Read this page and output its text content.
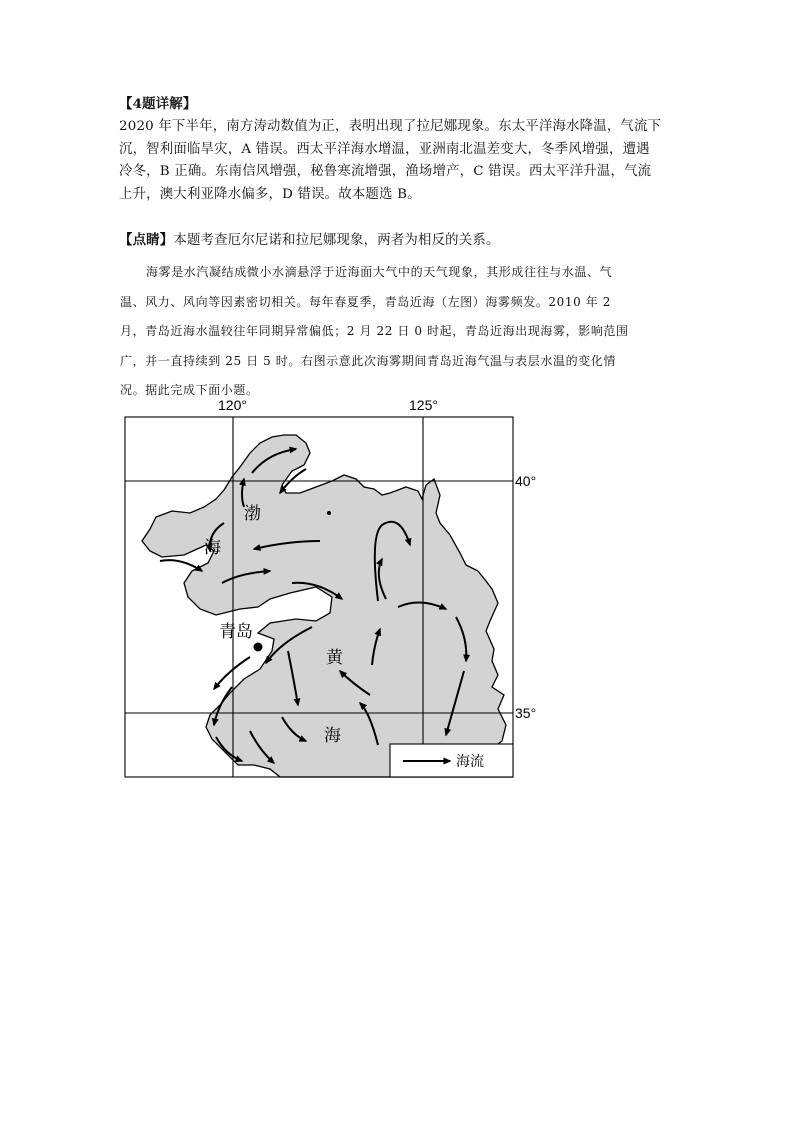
【4题详解】
2020 年下半年，南方涛动数值为正，表明出现了拉尼娜现象。东太平洋海水降温，气流下
沉，智利面临旱灾，A 错误。西太平洋海水增温，亚洲南北温差变大，冬季风增强，遭遇
冷冬，B 正确。东南信风增强，秘鲁寒流增强，渔场增产，C 错误。西太平洋升温，气流
上升，澳大利亚降水偏多，D 错误。故本题选 B。
【点睛】本题考查厄尔尼诺和拉尼娜现象，两者为相反的关系。
海雾是水汽凝结成微小水滴悬浮于近海面大气中的天气现象，其形成往往与水温、气
温、风力、风向等因素密切相关。每年春夏季，青岛近海（左图）海雾频发。2010 年 2
月，青岛近海水温较往年同期异常偏低；2 月 22 日 0 时起，青岛近海出现海雾，影响范围
广，并一直持续到 25 日 5 时。右图示意此次海雾期间青岛近海气温与表层水温的变化情
况。据此完成下面小题。
120°	125°
40°
35°
渤
海
黄
海
青岛
海流
